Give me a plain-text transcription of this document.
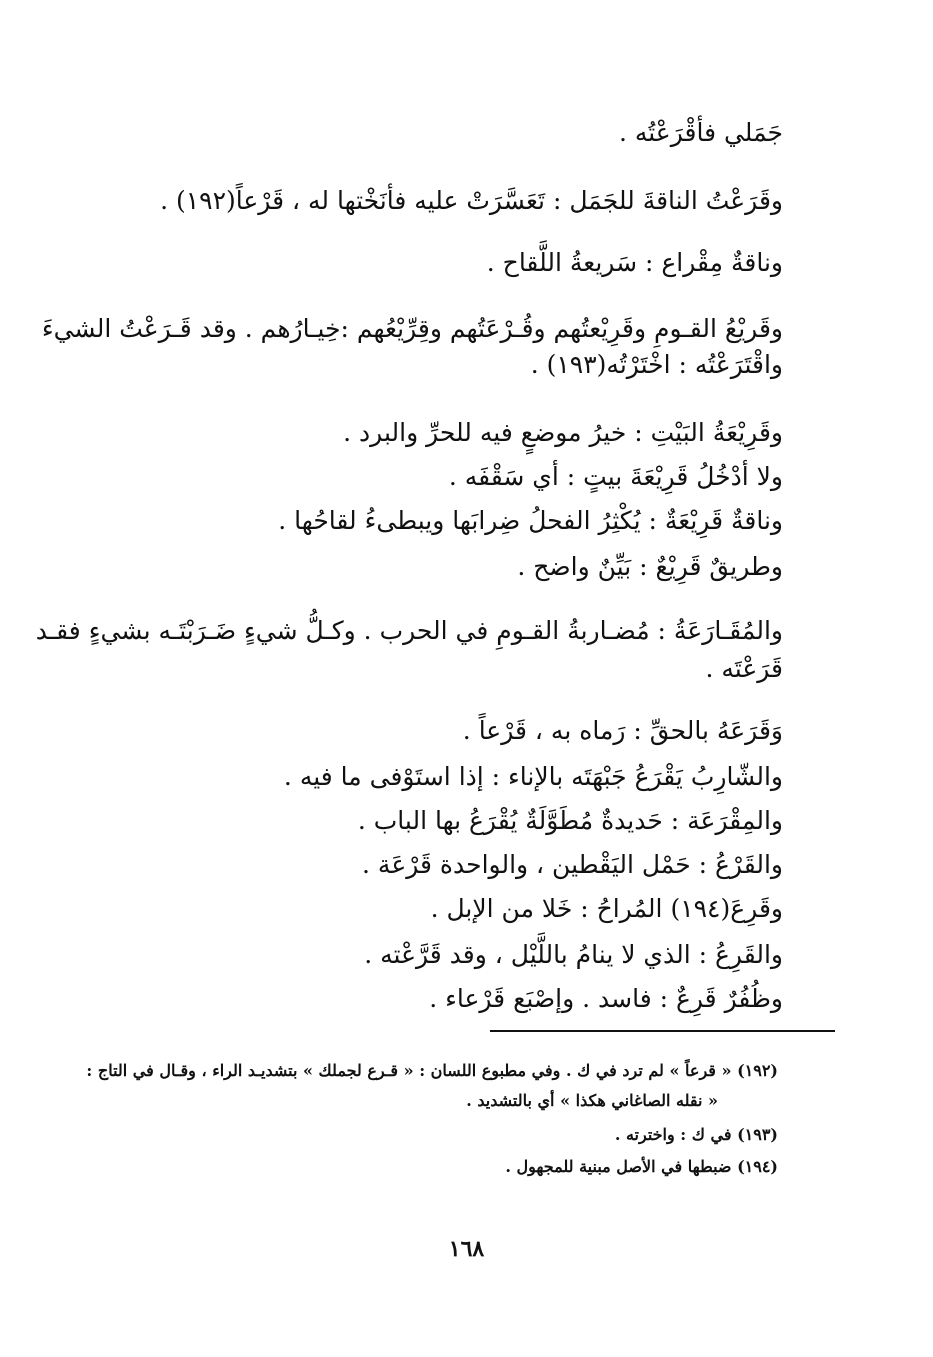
جَمَلي فأقْرَعْتُه .
وقَرَعْتُ الناقةَ للجَمَل : تَعَسَّرَتْ عليه فأنَخْتها له ، قَرْعاً(١٩٢) .
وناقةٌ مِقْراع : سَريعةُ اللَّقاح .
وقَريْعُ القـومِ وقَرِيْعتُهم وقُـرْعَتُهم وقِرِّيْعُهم :خِيـارُهم . وقد قَـرَعْتُ الشيءَ
واقْتَرَعْتُه : اخْتَرْتُه(١٩٣) .
وقَرِيْعَةُ البَيْتِ : خيرُ موضعٍ فيه للحرِّ والبرد .
ولا أدْخُلُ قَرِيْعَةَ بيتٍ : أي سَقْفَه .
وناقةٌ قَرِيْعَةٌ : يُكْثِرُ الفحلُ ضِرابَها ويبطىءُ لقاحُها .
وطريقٌ قَرِيْعٌ : بَيِّنٌ واضح .
والمُقَـارَعَةُ : مُضـاربةُ القـومِ في الحرب . وكـلُّ شيءٍ ضَـرَبْتَـه بشيءٍ فقـد
قَرَعْتَه .
وَقَرَعَهُ بالحقِّ : رَماه به ، قَرْعاً .
والشّارِبُ يَقْرَعُ جَبْهَتَه بالإناء : إذا استَوْفى ما فيه .
والمِقْرَعَة : حَديدةٌ مُطَوَّلَةٌ يُقْرَعُ بها الباب .
والقَرْعُ : حَمْل اليَقْطين ، والواحدة قَرْعَة .
وقَرِعَ(١٩٤) المُراحُ : خَلا من الإبل .
والقَرِعُ : الذي لا ينامُ باللَّيْل ، وقد قَرَّعْته .
وظُفُرٌ قَرِعٌ : فاسد . وإصْبَع قَرْعاء .
(١٩٢) « قرعاً » لم ترد في ك . وفي مطبوع اللسان : « قـرع لجملك » بتشديـد الراء ، وقـال في التاج :
« نقله الصاغاني هكذا » أي بالتشديد .
(١٩٣) في ك : واخترته .
(١٩٤) ضبطها في الأصل مبنية للمجهول .
١٦٨
